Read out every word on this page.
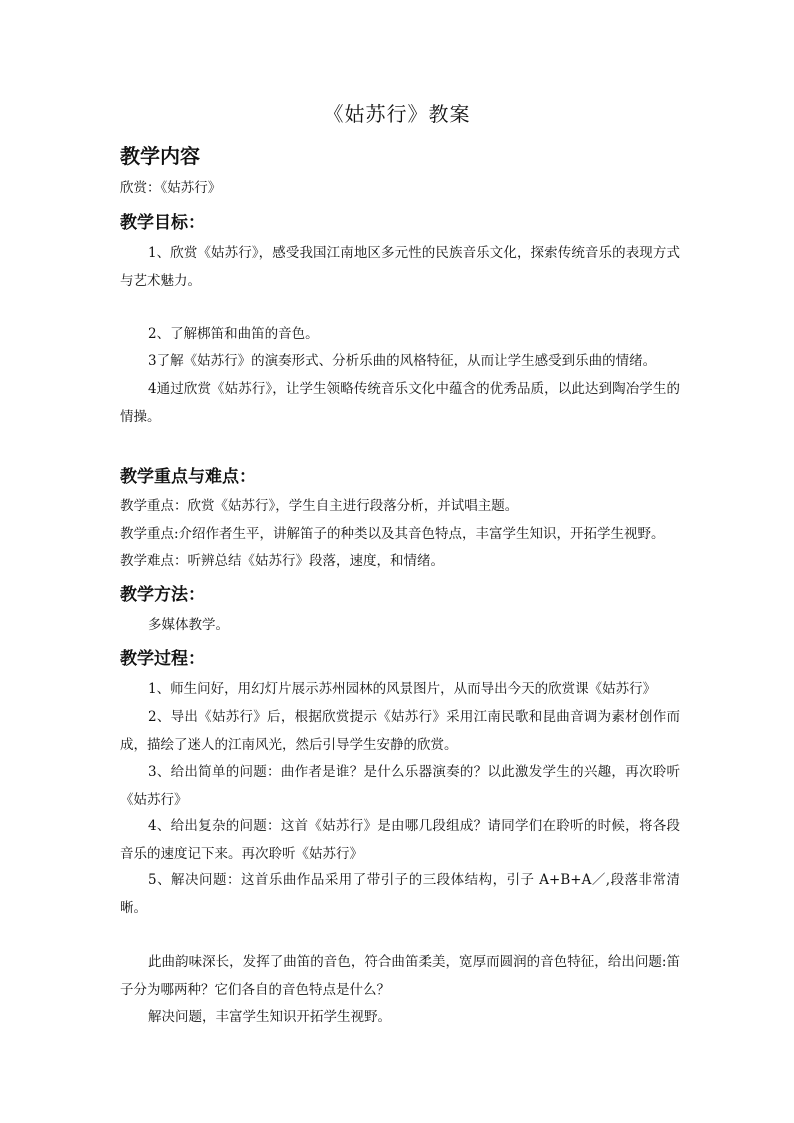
《姑苏行》教案
教学内容
欣赏：《姑苏行》
教学目标：
1、欣赏《姑苏行》，感受我国江南地区多元性的民族音乐文化，探索传统音乐的表现方式与艺术魅力。
2、了解梆笛和曲笛的音色。
3了解《姑苏行》的演奏形式、分析乐曲的风格特征，从而让学生感受到乐曲的情绪。
4通过欣赏《姑苏行》，让学生领略传统音乐文化中蕴含的优秀品质，以此达到陶冶学生的情操。
教学重点与难点：
教学重点：欣赏《姑苏行》，学生自主进行段落分析，并试唱主题。
教学重点:介绍作者生平，讲解笛子的种类以及其音色特点，丰富学生知识，开拓学生视野。
教学难点：听辨总结《姑苏行》段落，速度，和情绪。
教学方法：
多媒体教学。
教学过程：
1、师生问好，用幻灯片展示苏州园林的风景图片，从而导出今天的欣赏课《姑苏行》
2、导出《姑苏行》后，根据欣赏提示《姑苏行》采用江南民歌和昆曲音调为素材创作而成，描绘了迷人的江南风光，然后引导学生安静的欣赏。
3、给出简单的问题：曲作者是谁？是什么乐器演奏的？以此激发学生的兴趣，再次聆听《姑苏行》
4、给出复杂的问题：这首《姑苏行》是由哪几段组成？请同学们在聆听的时候，将各段音乐的速度记下来。再次聆听《姑苏行》
5、解决问题：这首乐曲作品采用了带引子的三段体结构，引子 A+B+A／,段落非常清晰。
此曲韵味深长，发挥了曲笛的音色，符合曲笛柔美，宽厚而圆润的音色特征，给出问题:笛子分为哪两种？它们各自的音色特点是什么？
解决问题，丰富学生知识开拓学生视野。
